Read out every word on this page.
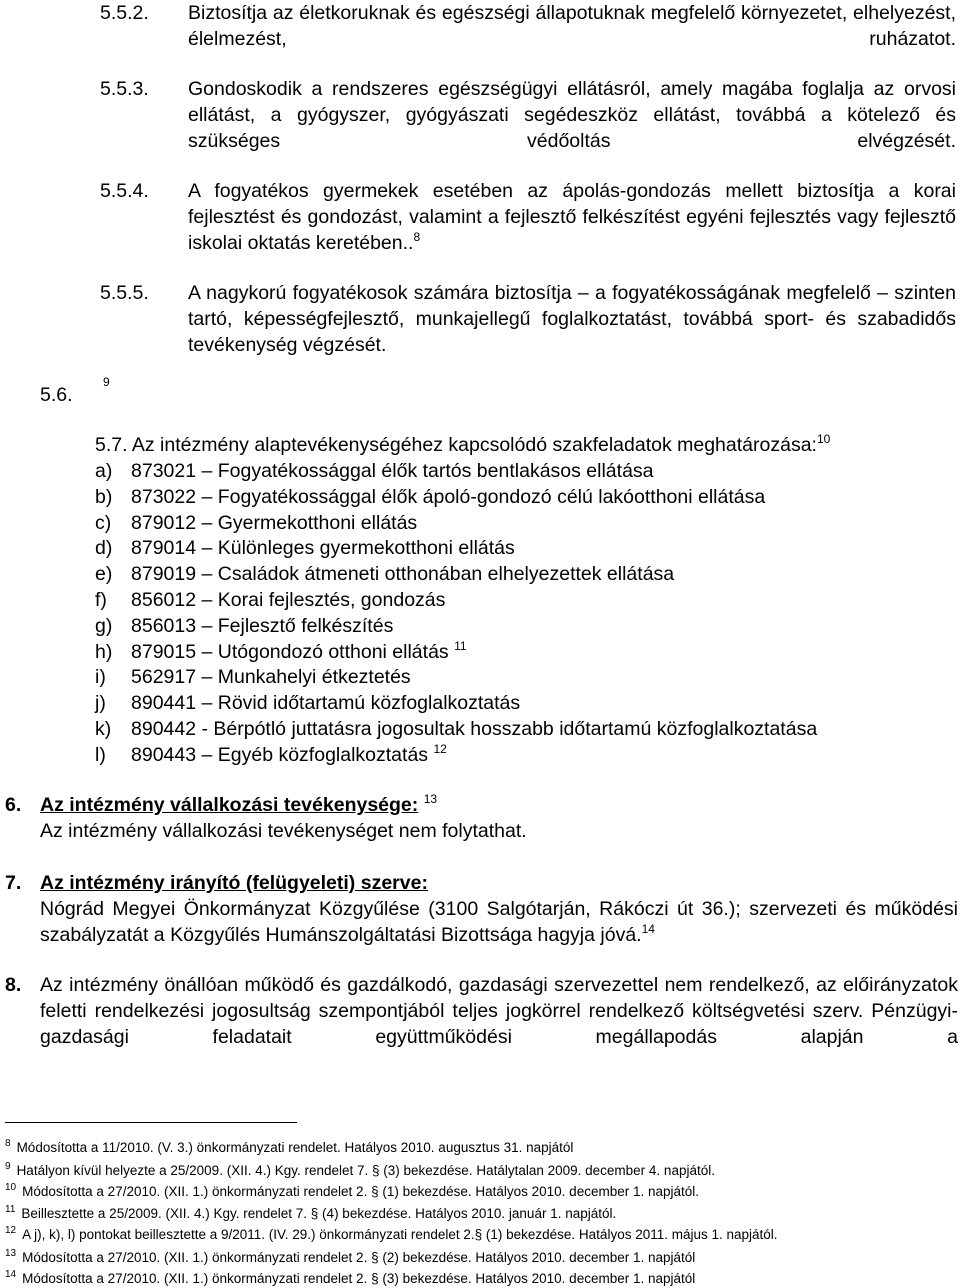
5.5.2. Biztosítja az életkoruknak és egészségi állapotuknak megfelelő környezetet, elhelyezést, élelmezést, ruházatot.
5.5.3. Gondoskodik a rendszeres egészségügyi ellátásról, amely magába foglalja az orvosi ellátást, a gyógyszer, gyógyászati segédeszköz ellátást, továbbá a kötelező és szükséges védőoltás elvégzését.
5.5.4. A fogyatékos gyermekek esetében az ápolás-gondozás mellett biztosítja a korai fejlesztést és gondozást, valamint a fejlesztő felkészítést egyéni fejlesztés vagy fejlesztő iskolai oktatás keretében..$^8$
5.5.5. A nagykorú fogyatékosok számára biztosítja – a fogyatékosságának megfelelő – szinten tartó, képességfejlesztő, munkajellegű foglalkoztatást, továbbá sport- és szabadidős tevékenység végzését.
5.6.
9
5.7. Az intézmény alaptevékenységéhez kapcsolódó szakfeladatok meghatározása:$^{10}$
a) 873021 – Fogyatékossággal élők tartós bentlakásos ellátása
b) 873022 – Fogyatékossággal élők ápoló-gondozó célú lakóotthoni ellátása
c) 879012 – Gyermekotthoni ellátás
d) 879014 – Különleges gyermekotthoni ellátás
e) 879019 – Családok átmeneti otthonában elhelyezettek ellátása
f) 856012 – Korai fejlesztés, gondozás
g) 856013 – Fejlesztő felkészítés
h) 879015 – Utógondozó otthoni ellátás $^{11}$
i) 562917 – Munkahelyi étkeztetés
j) 890441 – Rövid időtartamú közfoglalkoztatás
k) 890442 - Bérpótló juttatásra jogosultak hosszabb időtartamú közfoglalkoztatása
l) 890443 – Egyéb közfoglalkoztatás $^{12}$
6. Az intézmény vállalkozási tevékenysége: $^{13}$
Az intézmény vállalkozási tevékenységet nem folytathat.
7. Az intézmény irányító (felügyeleti) szerve:
Nógrád Megyei Önkormányzat Közgyűlése (3100 Salgótarján, Rákóczi út 36.); szervezeti és működési szabályzatát a Közgyűlés Humánszolgáltatási Bizottsága hagyja jóvá.$^{14}$
8. Az intézmény önállóan működő és gazdálkodó, gazdasági szervezettel nem rendelkező, az előirányzatok feletti rendelkezési jogosultság szempontjából teljes jogkörrel rendelkező költségvetési szerv. Pénzügyi-gazdasági feladatait együttműködési megállapodás alapján a
$^8$ Módosította a 11/2010. (V. 3.) önkormányzati rendelet. Hatályos 2010. augusztus 31. napjától
$^9$ Hatályon kívül helyezte a 25/2009. (XII. 4.) Kgy. rendelet 7. § (3) bekezdése. Hatálytalan 2009. december 4. napjától.
$^{10}$ Módosította a 27/2010. (XII. 1.) önkormányzati rendelet 2. § (1) bekezdése. Hatályos 2010. december 1. napjától.
$^{11}$ Beillesztette a 25/2009. (XII. 4.) Kgy. rendelet 7. § (4) bekezdése. Hatályos 2010. január 1. napjától.
$^{12}$ A j), k), l) pontokat beillesztette a 9/2011. (IV. 29.) önkormányzati rendelet 2.§ (1) bekezdése. Hatályos 2011. május 1. napjától.
$^{13}$ Módosította a 27/2010. (XII. 1.) önkormányzati rendelet 2. § (2) bekezdése. Hatályos 2010. december 1. napjától
$^{14}$ Módosította a 27/2010. (XII. 1.) önkormányzati rendelet 2. § (3) bekezdése. Hatályos 2010. december 1. napjától
